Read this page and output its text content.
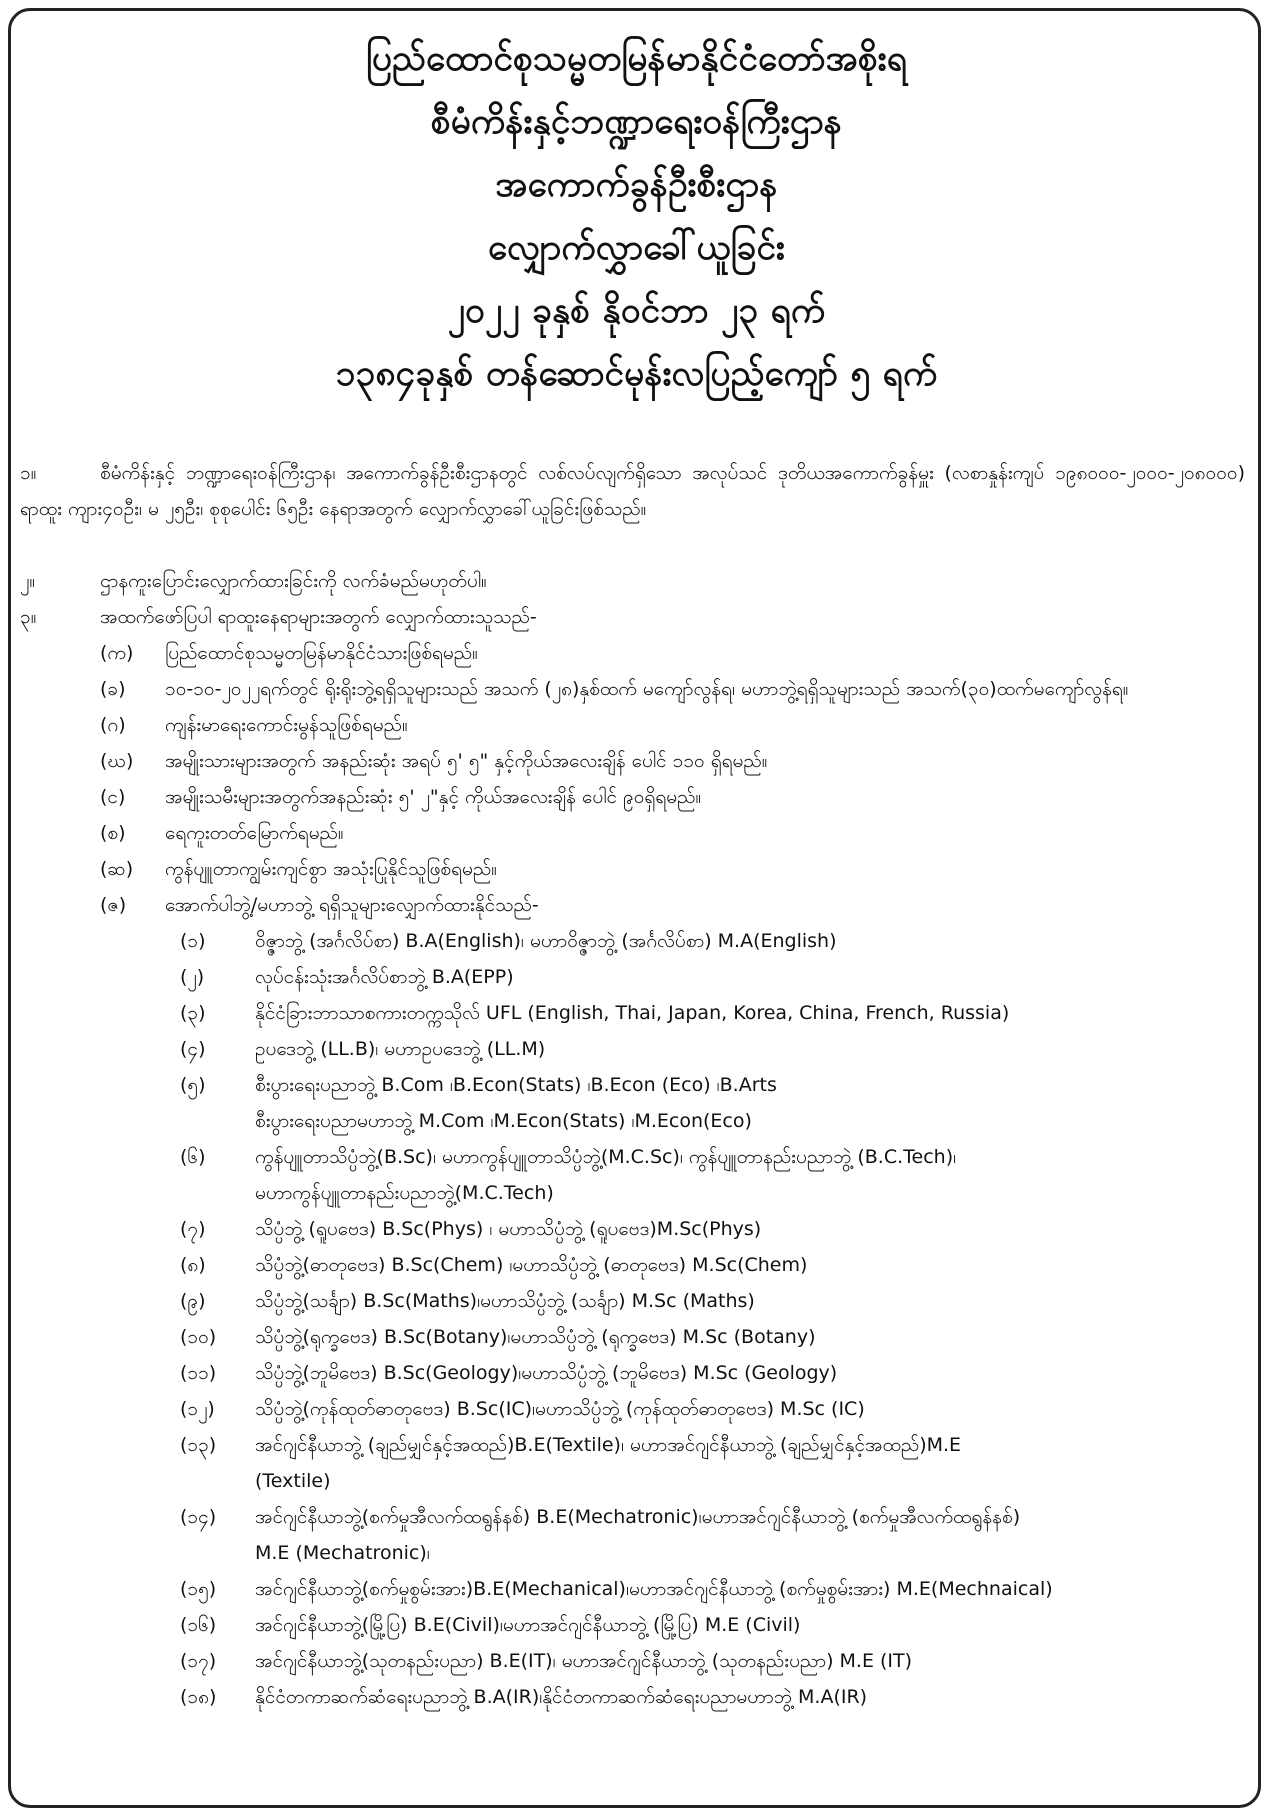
ပြည်ထောင်စုသမ္မတမြန်မာနိုင်ငံတော်အစိုးရ
စီမံကိန်းနှင့်ဘဏ္ဍာရေးဝန်ကြီးဌာန
အကောက်ခွန်ဦးစီးဌာန
လျှောက်လွှာခေါ်ယူခြင်း
၂၀၂၂ ခုနှစ် နိုဝင်ဘာ ၂၃ ရက်
၁၃၈၄ခုနှစ် တန်ဆောင်မုန်းလပြည့်ကျော် ၅ ရက်
၁။	စီမံကိန်းနှင့် ဘဏ္ဍာရေးဝန်ကြီးဌာန၊ အကောက်ခွန်ဦးစီးဌာနတွင် လစ်လပ်လျက်ရှိသော အလုပ်သင် ဒုတိယအကောက်ခွန်မှူး (လစာနှုန်းကျပ် ၁၉၈၀၀၀-၂၀၀၀-၂၀၈၀၀၀) ရာထူး ကျား၄၀ဦး၊ မ ၂၅ဦး၊ စုစုပေါင်း ၆၅ဦး နေရာအတွက် လျှောက်လွှာခေါ်ယူခြင်းဖြစ်သည်။
၂။	ဌာနကူးပြောင်းလျှောက်ထားခြင်းကို လက်ခံမည်မဟုတ်ပါ။
၃။	အထက်ဖော်ပြပါ ရာထူးနေရာများအတွက် လျှောက်ထားသူသည်-
(က) ပြည်ထောင်စုသမ္မတမြန်မာနိုင်ငံသားဖြစ်ရမည်။
(ခ) ၁၀-၁၀-၂၀၂၂ရက်တွင် ရိုးရိုးဘွဲ့ရရှိသူများသည် အသက် (၂၈)နှစ်ထက် မကျော်လွန်ရ၊ မဟာဘွဲ့ရရှိသူများသည် အသက်(၃၀)ထက်မကျော်လွန်ရ။
(ဂ) ကျန်းမာရေးကောင်းမွန်သူဖြစ်ရမည်။
(ဃ) အမျိုးသားများအတွက် အနည်းဆုံး အရပ် ၅' ၅" နှင့်ကိုယ်အလေးချိန် ပေါင် ၁၁၀ ရှိရမည်။
(င) အမျိုးသမီးများအတွက်အနည်းဆုံး ၅' ၂"နှင့် ကိုယ်အလေးချိန် ပေါင် ၉၀ရှိရမည်။
(စ) ရေကူးတတ်မြောက်ရမည်။
(ဆ) ကွန်ပျူတာကျွမ်းကျင်စွာ အသုံးပြုနိုင်သူဖြစ်ရမည်။
(ဇ) အောက်ပါဘွဲ့/မဟာဘွဲ့ ရရှိသူများလျှောက်ထားနိုင်သည်-
(၁)	ဝိဇ္ဇာဘွဲ့ (အင်္ဂလိပ်စာ) B.A(English)၊ မဟာဝိဇ္ဇာဘွဲ့ (အင်္ဂလိပ်စာ) M.A(English)
(၂)	လုပ်ငန်းသုံးအင်္ဂလိပ်စာဘွဲ့ B.A(EPP)
(၃)	နိုင်ငံခြားဘာသာစကားတက္ကသိုလ် UFL (English, Thai, Japan, Korea, China, French, Russia)
(၄)	ဥပဒေဘွဲ့ (LL.B)၊ မဟာဥပဒေဘွဲ့ (LL.M)
(၅)	စီးပွားရေးပညာဘွဲ့ B.Com ၊B.Econ(Stats) ၊B.Econ (Eco) ၊B.Arts
စီးပွားရေးပညာမဟာဘွဲ့ M.Com ၊M.Econ(Stats) ၊M.Econ(Eco)
(၆)	ကွန်ပျူတာသိပ္ပံဘွဲ့(B.Sc)၊ မဟာကွန်ပျူတာသိပ္ပံဘွဲ့(M.C.Sc)၊ ကွန်ပျူတာနည်းပညာဘွဲ့ (B.C.Tech)၊
မဟာကွန်ပျူတာနည်းပညာဘွဲ့(M.C.Tech)
(၇)	သိပ္ပံဘွဲ့ (ရူပဗေဒ) B.Sc(Phys) ၊ မဟာသိပ္ပံဘွဲ့ (ရူပဗေဒ)M.Sc(Phys)
(၈)	သိပ္ပံဘွဲ့(ဓာတုဗေဒ) B.Sc(Chem) ၊မဟာသိပ္ပံဘွဲ့ (ဓာတုဗေဒ) M.Sc(Chem)
(၉)	သိပ္ပံဘွဲ့(သင်္ချာ) B.Sc(Maths)၊မဟာသိပ္ပံဘွဲ့ (သင်္ချာ) M.Sc (Maths)
(၁၀) သိပ္ပံဘွဲ့(ရုက္ခဗေဒ) B.Sc(Botany)၊မဟာသိပ္ပံဘွဲ့ (ရုက္ခဗေဒ) M.Sc (Botany)
(၁၁) သိပ္ပံဘွဲ့(ဘူမိဗေဒ) B.Sc(Geology)၊မဟာသိပ္ပံဘွဲ့ (ဘူမိဗေဒ) M.Sc (Geology)
(၁၂) သိပ္ပံဘွဲ့(ကုန်ထုတ်ဓာတုဗေဒ) B.Sc(IC)၊မဟာသိပ္ပံဘွဲ့ (ကုန်ထုတ်ဓာတုဗေဒ) M.Sc (IC)
(၁၃) အင်ဂျင်နီယာဘွဲ့ (ချည်မျှင်နှင့်အထည်)B.E(Textile)၊ မဟာအင်ဂျင်နီယာဘွဲ့ (ချည်မျှင်နှင့်အထည်)M.E
(Textile)
(၁၄) အင်ဂျင်နီယာဘွဲ့(စက်မှုအီလက်ထရွန်နစ်) B.E(Mechatronic)၊မဟာအင်ဂျင်နီယာဘွဲ့ (စက်မှုအီလက်ထရွန်နစ်)
M.E (Mechatronic)၊
(၁၅) အင်ဂျင်နီယာဘွဲ့(စက်မှုစွမ်းအား)B.E(Mechanical)၊မဟာအင်ဂျင်နီယာဘွဲ့ (စက်မှုစွမ်းအား) M.E(Mechnaical)
(၁၆) အင်ဂျင်နီယာဘွဲ့(မြို့ပြ) B.E(Civil)၊မဟာအင်ဂျင်နီယာဘွဲ့ (မြို့ပြ) M.E (Civil)
(၁၇) အင်ဂျင်နီယာဘွဲ့(သုတနည်းပညာ) B.E(IT)၊ မဟာအင်ဂျင်နီယာဘွဲ့ (သုတနည်းပညာ) M.E (IT)
(၁၈) နိုင်ငံတကာဆက်ဆံရေးပညာဘွဲ့ B.A(IR)၊နိုင်ငံတကာဆက်ဆံရေးပညာမဟာဘွဲ့ M.A(IR)
